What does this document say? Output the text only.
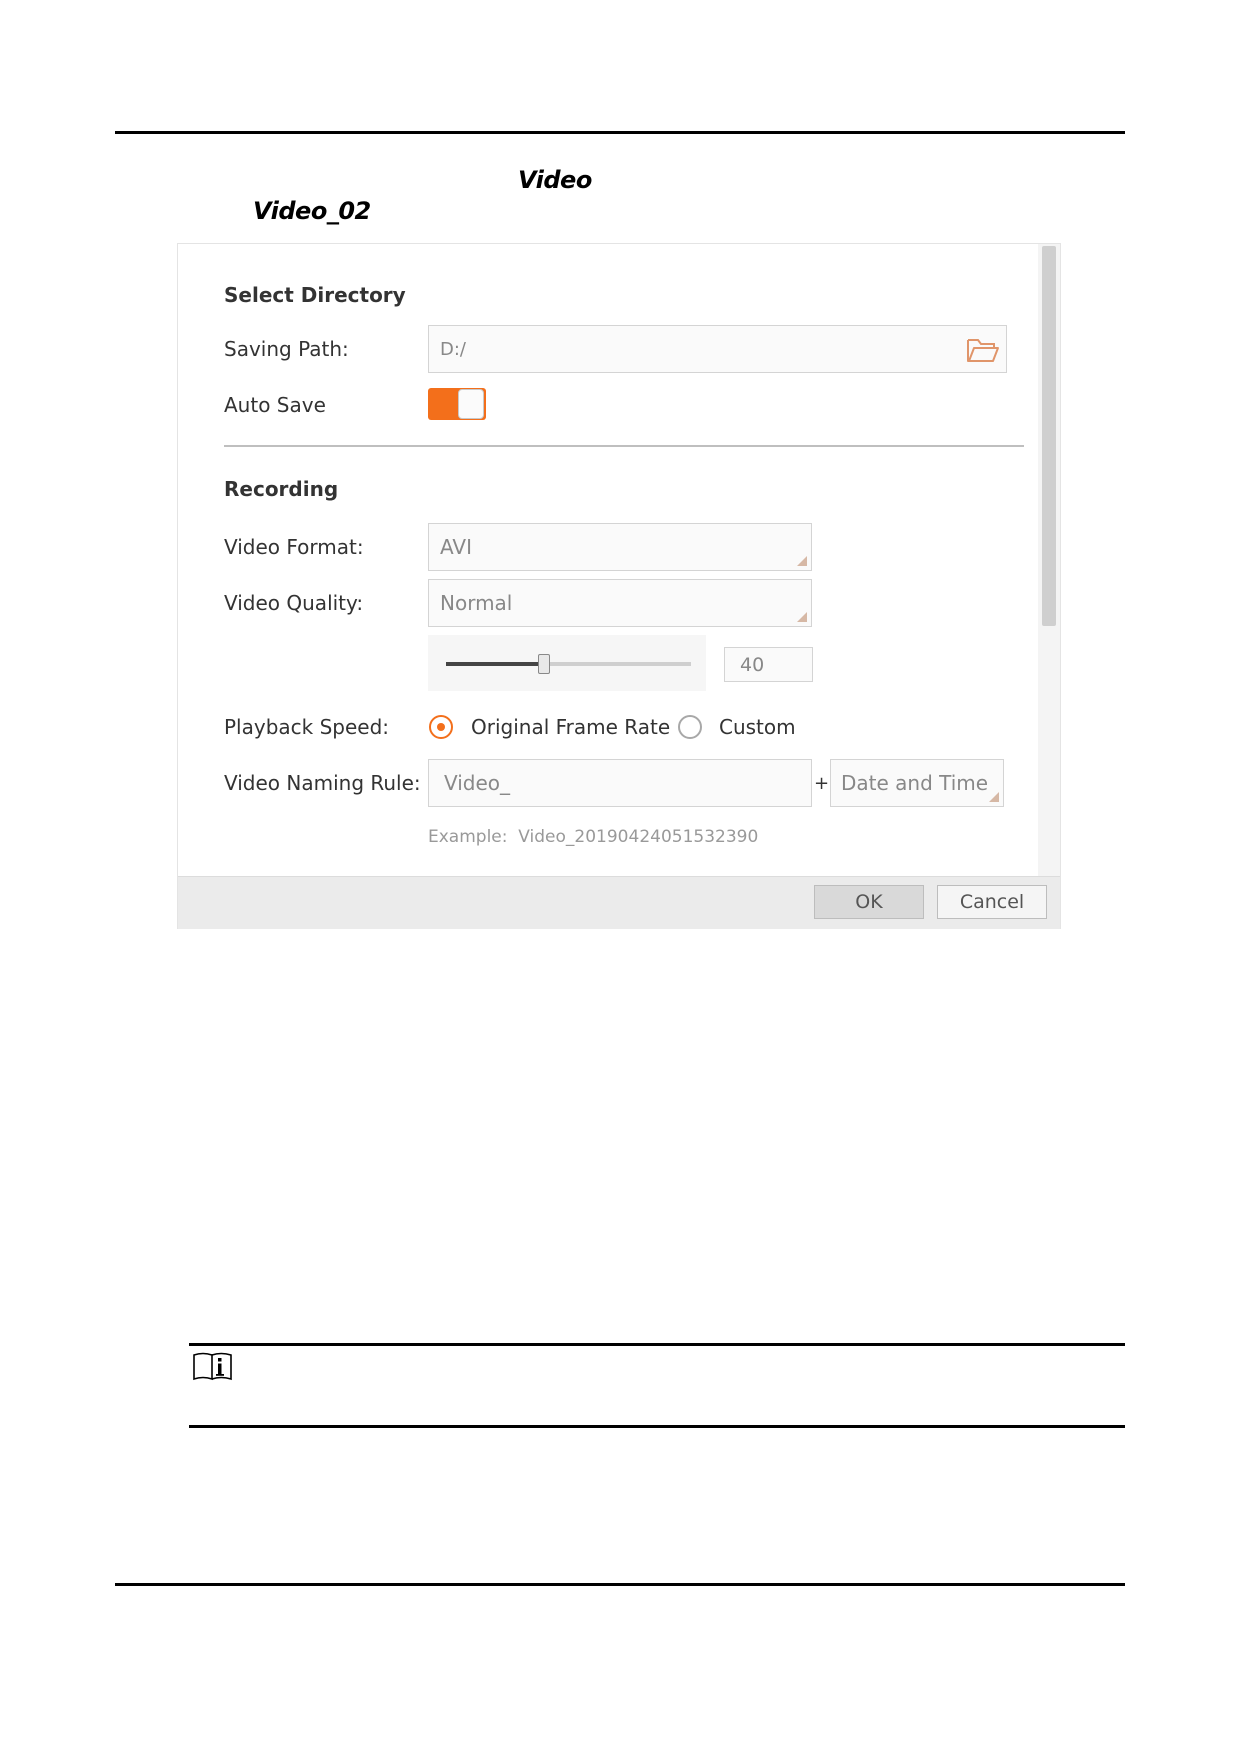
Video
Video_02
Select Directory
Saving Path:	D:/
Auto Save
Recording
Video Format:	AVI
Video Quality:	Normal
40
Playback Speed:	Original Frame Rate Custom
Video Naming Rule: Video_	+ Date and Time
Example:  Video_20190424051532390
OK	Cancel
